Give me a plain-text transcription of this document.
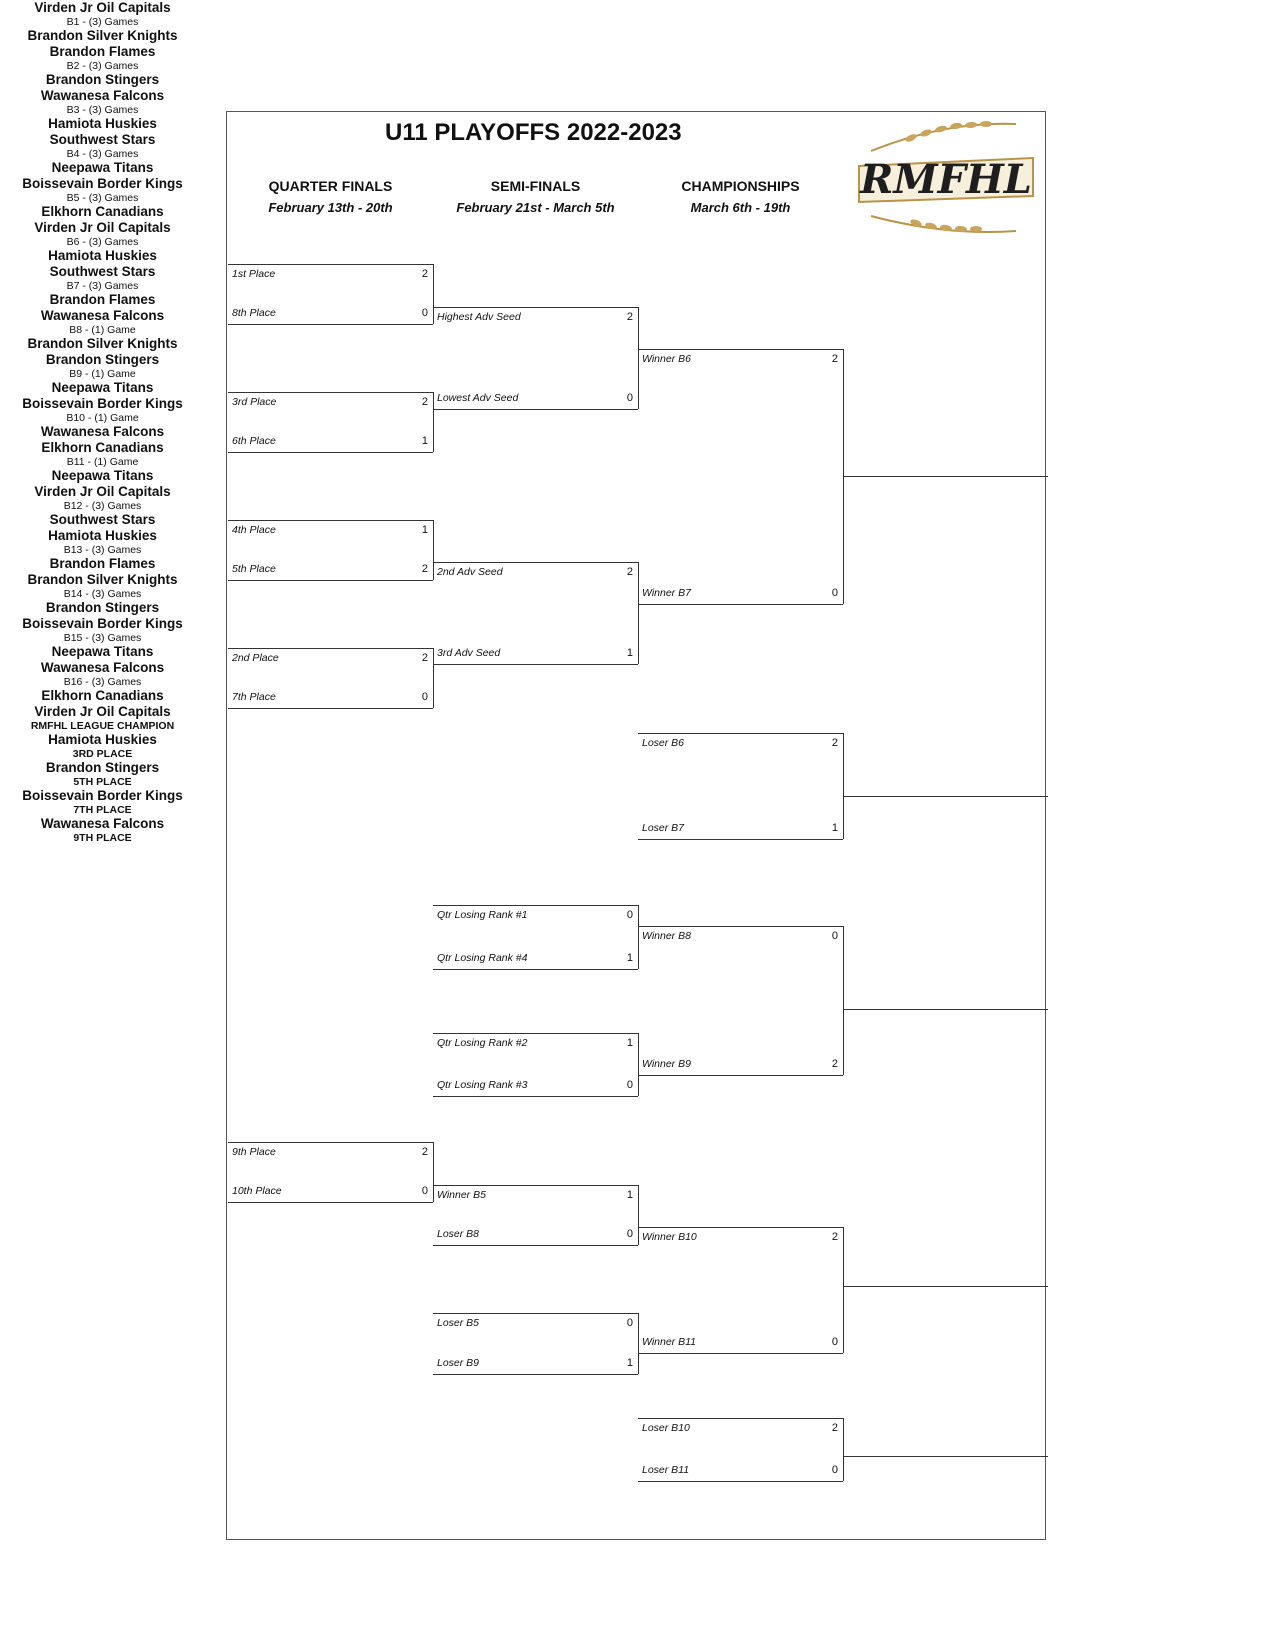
U11 PLAYOFFS 2022-2023
QUARTER FINALS
February 13th - 20th
SEMI-FINALS
February 21st - March 5th
CHAMPIONSHIPS
March 6th - 19th
RMFHL
Virden Jr Oil Capitals
1st Place	2
B1 - (3) Games
8th Place	0
Brandon Silver Knights
Brandon Flames
3rd Place	2
B2 - (3) Games
6th Place	1
Brandon Stingers
Wawanesa Falcons
4th Place	1
B3 - (3) Games
5th Place	2
Hamiota Huskies
Southwest Stars
2nd Place	2
B4 - (3) Games
7th Place	0
Neepawa Titans
Boissevain Border Kings
9th Place	2
B5 - (3) Games
10th Place	0
Elkhorn Canadians
Virden Jr Oil Capitals
Highest Adv Seed	2
B6 - (3) Games
Lowest Adv Seed	0
Hamiota Huskies
Southwest Stars
2nd Adv Seed	2
B7 - (3) Games
3rd Adv Seed	1
Brandon Flames
Wawanesa Falcons
Qtr Losing Rank #1	0
B8 - (1) Game
Qtr Losing Rank #4	1
Brandon Silver Knights
Brandon Stingers
Qtr Losing Rank #2	1
B9 - (1) Game
Qtr Losing Rank #3	0
Neepawa Titans
Boissevain Border Kings
Winner B5	1
B10 - (1) Game
Loser B8	0
Wawanesa Falcons
Elkhorn Canadians
Loser B5	0
B11 - (1) Game
Loser B9	1
Neepawa Titans
Virden Jr Oil Capitals
Winner B6	2
B12 - (3) Games
Winner B7	0
Southwest Stars
Hamiota Huskies
Loser B6	2
B13 - (3) Games
Loser B7	1
Brandon Flames
Brandon Silver Knights
Winner B8	0
B14 - (3) Games
Winner B9	2
Brandon Stingers
Boissevain Border Kings
Winner B10	2
B15 - (3) Games
Winner B11	0
Neepawa Titans
Wawanesa Falcons
Loser B10	2
B16 - (3) Games
Loser B11	0
Elkhorn Canadians
Virden Jr Oil Capitals
RMFHL LEAGUE CHAMPION
Hamiota Huskies
3RD PLACE
Brandon Stingers
5TH PLACE
Boissevain Border Kings
7TH PLACE
Wawanesa Falcons
9TH PLACE
